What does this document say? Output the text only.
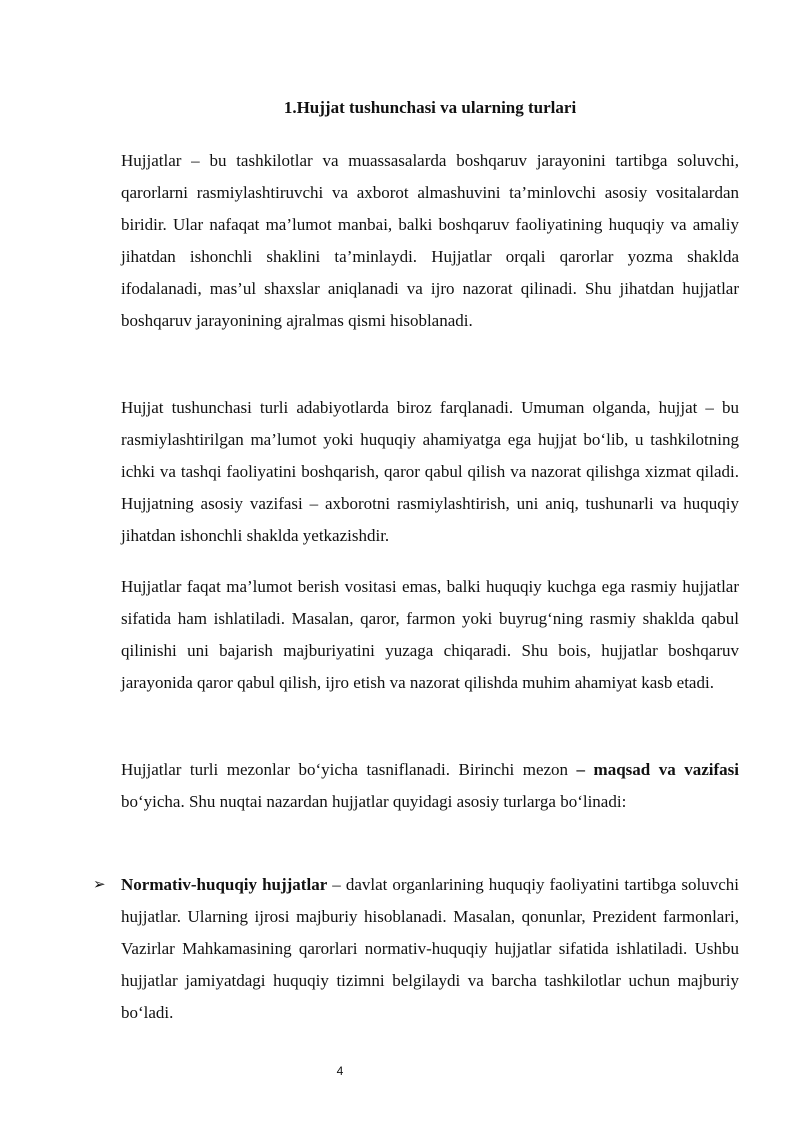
1.Hujjat tushunchasi va ularning turlari

Hujjatlar – bu tashkilotlar va muassasalarda boshqaruv jarayonini tartibga soluvchi, qarorlarni rasmiylashtiruvchi va axborot almashuvini ta’minlovchi asosiy vositalardan biridir. Ular nafaqat ma’lumot manbai, balki boshqaruv faoliyatining huquqiy va amaliy jihatdan ishonchli shaklini ta’minlaydi. Hujjatlar orqali qarorlar yozma shaklda ifodalanadi, mas’ul shaxslar aniqlanadi va ijro nazorat qilinadi. Shu jihatdan hujjatlar boshqaruv jarayonining ajralmas qismi hisoblanadi.

Hujjat tushunchasi turli adabiyotlarda biroz farqlanadi. Umuman olganda, hujjat – bu rasmiylashtirilgan ma’lumot yoki huquqiy ahamiyatga ega hujjat bo‘lib, u tashkilotning ichki va tashqi faoliyatini boshqarish, qaror qabul qilish va nazorat qilishga xizmat qiladi. Hujjatning asosiy vazifasi – axborotni rasmiylashtirish, uni aniq, tushunarli va huquqiy jihatdan ishonchli shaklda yetkazishdir.

Hujjatlar faqat ma’lumot berish vositasi emas, balki huquqiy kuchga ega rasmiy hujjatlar sifatida ham ishlatiladi. Masalan, qaror, farmon yoki buyrug‘ning rasmiy shaklda qabul qilinishi uni bajarish majburiyatini yuzaga chiqaradi. Shu bois, hujjatlar boshqaruv jarayonida qaror qabul qilish, ijro etish va nazorat qilishda muhim ahamiyat kasb etadi.

Hujjatlar turli mezonlar bo‘yicha tasniflanadi. Birinchi mezon – maqsad va vazifasi bo‘yicha. Shu nuqtai nazardan hujjatlar quyidagi asosiy turlarga bo‘linadi:

➢ Normativ-huquqiy hujjatlar – davlat organlarining huquqiy faoliyatini tartibga soluvchi hujjatlar. Ularning ijrosi majburiy hisoblanadi. Masalan, qonunlar, Prezident farmonlari, Vazirlar Mahkamasining qarorlari normativ-huquqiy hujjatlar sifatida ishlatiladi. Ushbu hujjatlar jamiyatdagi huquqiy tizimni belgilaydi va barcha tashkilotlar uchun majburiy bo‘ladi.

4
